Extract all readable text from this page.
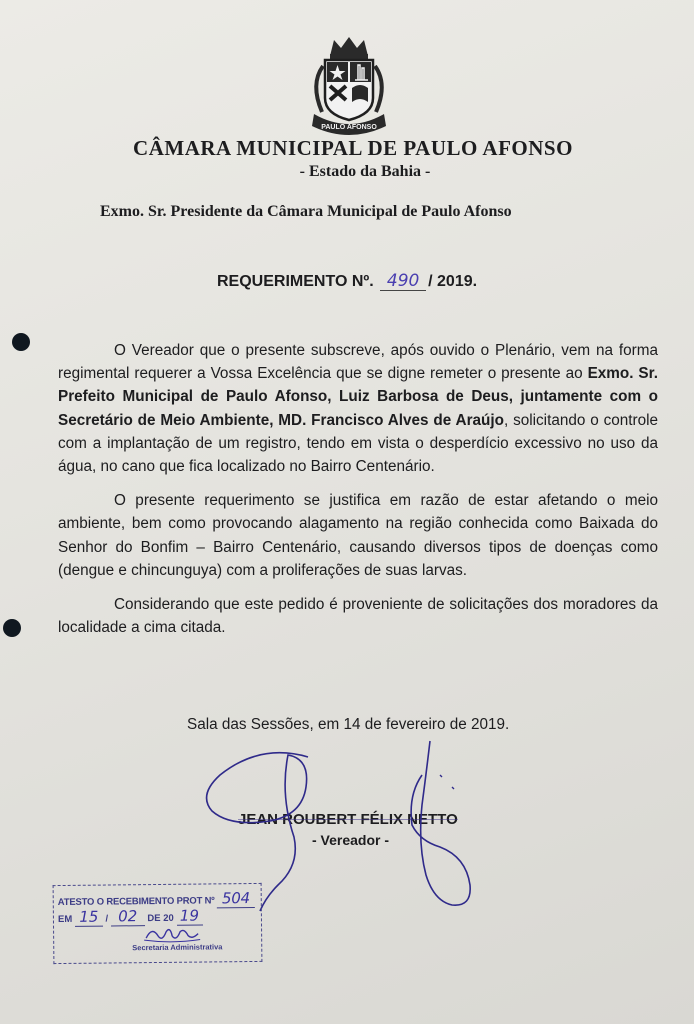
PAULO AFONSO
CÂMARA MUNICIPAL DE PAULO AFONSO
- Estado da Bahia -
Exmo. Sr. Presidente da Câmara Municipal de Paulo Afonso
REQUERIMENTO Nº. 490 / 2019.

O Vereador que o presente subscreve, após ouvido o Plenário, vem na forma regimental requerer a Vossa Excelência que se digne remeter o presente ao Exmo. Sr. Prefeito Municipal de Paulo Afonso, Luiz Barbosa de Deus, juntamente com o Secretário de Meio Ambiente, MD. Francisco Alves de Araújo, solicitando o controle com a implantação de um registro, tendo em vista o desperdício excessivo no uso da água, no cano que fica localizado no Bairro Centenário.

O presente requerimento se justifica em razão de estar afetando o meio ambiente, bem como provocando alagamento na região conhecida como Baixada do Senhor do Bonfim – Bairro Centenário, causando diversos tipos de doenças como (dengue e chincunguya) com a proliferações de suas larvas.

Considerando que este pedido é proveniente de solicitações dos moradores da localidade a cima citada.

Sala das Sessões, em 14 de fevereiro de 2019.
JEAN ROUBERT FÉLIX NETTO
- Vereador -
ATESTO O RECEBIMENTO PROT Nº 504
EM 15 / 02 DE 20 19
Secretaria Administrativa
